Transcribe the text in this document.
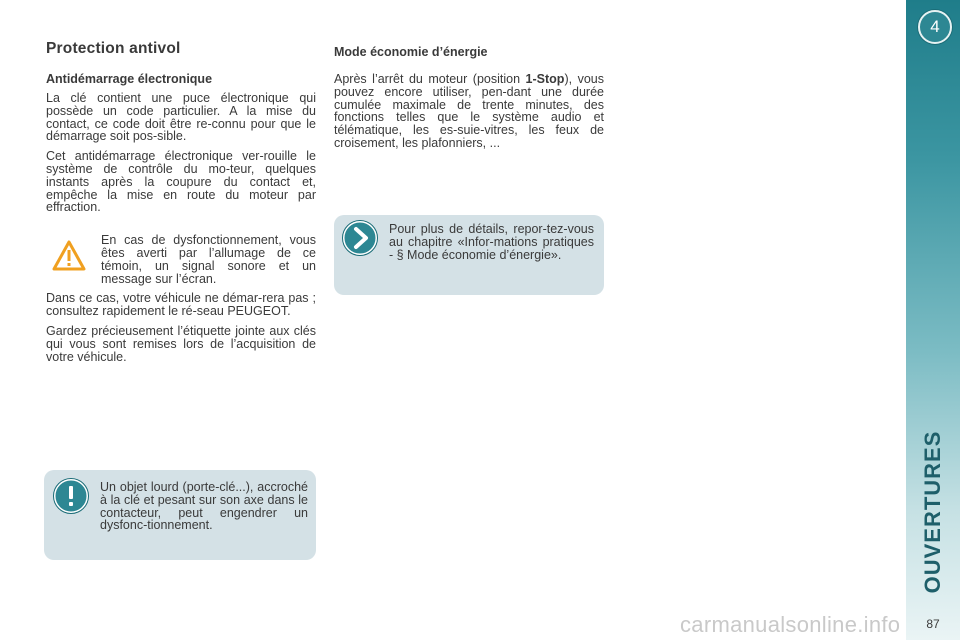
Protection antivol
Antidémarrage électronique

La clé contient une puce électronique qui possède un code particulier. A la mise du contact, ce code doit être re-connu pour que le démarrage soit pos-sible.

Cet antidémarrage électronique ver-rouille le système de contrôle du mo-teur, quelques instants après la coupure du contact et, empêche la mise en route du moteur par effraction.

En cas de dysfonctionnement, vous êtes averti par l’allumage de ce témoin, un signal sonore et un message sur l’écran.

Dans ce cas, votre véhicule ne démar-rera pas ; consultez rapidement le ré-seau PEUGEOT.

Gardez précieusement l’étiquette jointe aux clés qui vous sont remises lors de l’acquisition de votre véhicule.

Un objet lourd (porte-clé...), accroché à la clé et pesant sur son axe dans le contacteur, peut engendrer un dysfonc-tionnement.

Mode économie d’énergie

Après l’arrêt du moteur (position 1-Stop), vous pouvez encore utiliser, pen-dant une durée cumulée maximale de trente minutes, des fonctions telles que le système audio et télématique, les es-suie-vitres, les feux de croisement, les plafonniers, ...

Pour plus de détails, repor-tez-vous au chapitre «Infor-mations pratiques - § Mode économie d’énergie».

4
OUVERTURES
87
carmanualsonline.info
